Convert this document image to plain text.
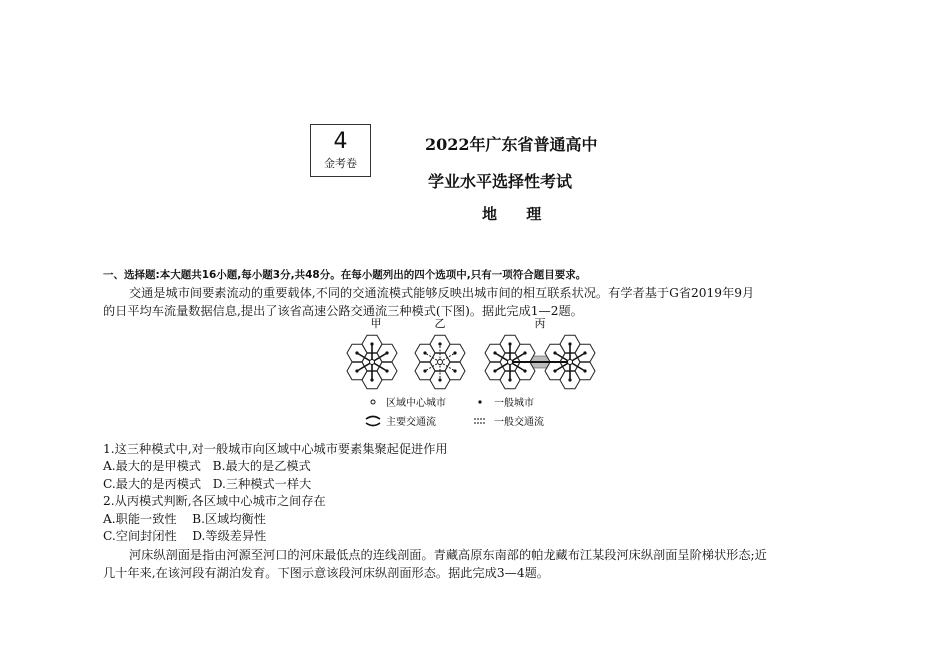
4
金考卷
2022年广东省普通高中
学业水平选择性考试
地 理
一、选择题:本大题共16小题,每小题3分,共48分。在每小题列出的四个选项中,只有一项符合题目要求。
交通是城市间要素流动的重要载体,不同的交通流模式能够反映出城市间的相互联系状况。有学者基于G省2019年9月
的日平均车流量数据信息,提出了该省高速公路交通流三种模式(下图)。据此完成1—2题。
甲	乙	丙
区域中心城市	一般城市
主要交通流	一般交通流
1.这三种模式中,对一般城市向区域中心城市要素集聚起促进作用
A.最大的是甲模式 B.最大的是乙模式
C.最大的是丙模式 D.三种模式一样大
2.从丙模式判断,各区域中心城市之间存在
A.职能一致性 B.区域均衡性
C.空间封闭性 D.等级差异性
河床纵剖面是指由河源至河口的河床最低点的连线剖面。青藏高原东南部的帕龙藏布江某段河床纵剖面呈阶梯状形态;近
几十年来,在该河段有湖泊发育。下图示意该段河床纵剖面形态。据此完成3—4题。
